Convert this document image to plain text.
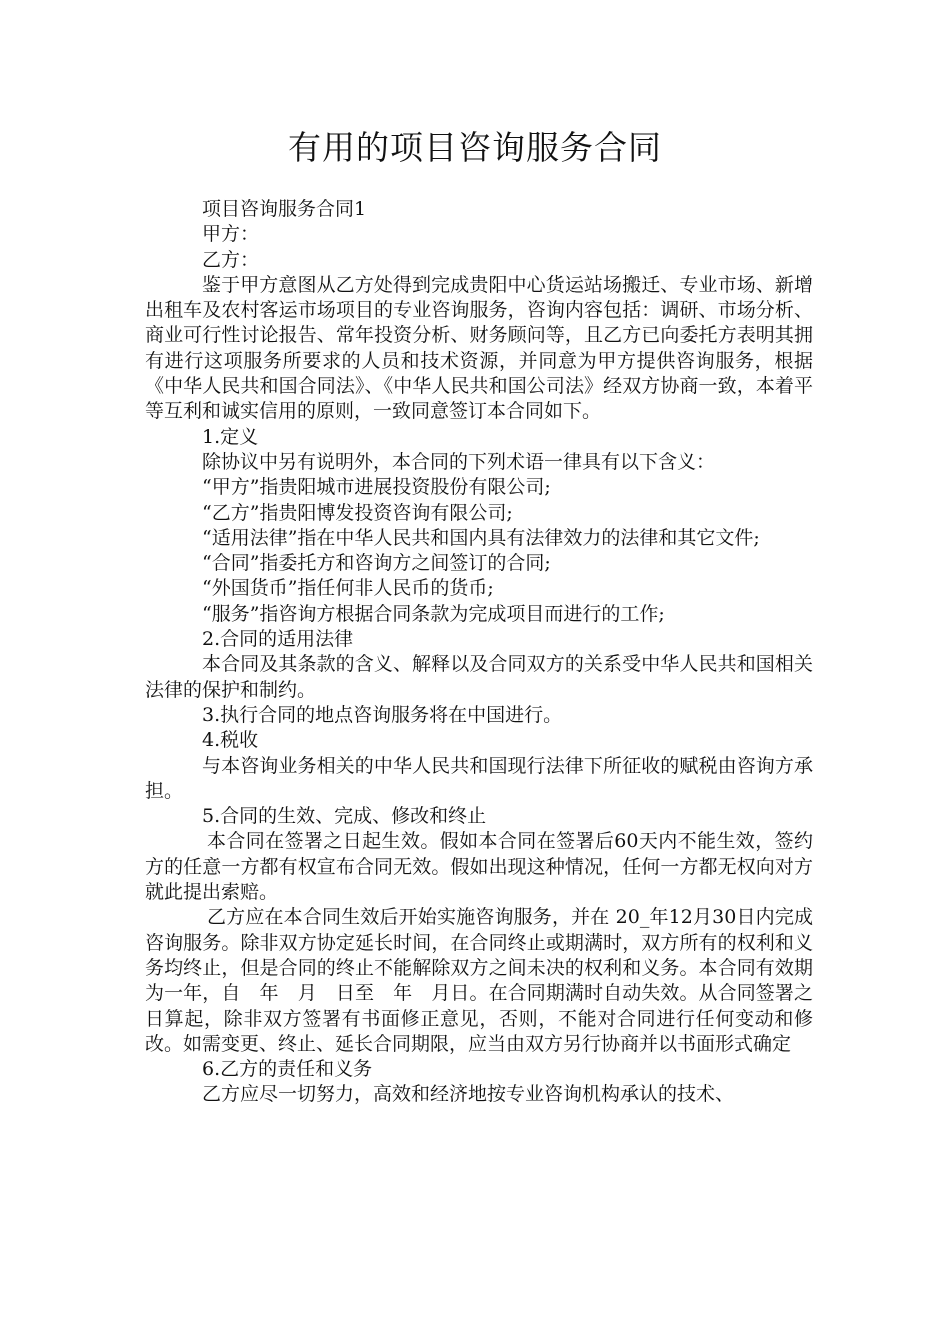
有用的项目咨询服务合同

项目咨询服务合同1

甲方：

乙方：

鉴于甲方意图从乙方处得到完成贵阳中心货运站场搬迁、专业市场、新增出租车及农村客运市场项目的专业咨询服务，咨询内容包括：调研、市场分析、商业可行性讨论报告、常年投资分析、财务顾问等，且乙方已向委托方表明其拥有进行这项服务所要求的人员和技术资源，并同意为甲方提供咨询服务，根据《中华人民共和国合同法》、《中华人民共和国公司法》经双方协商一致，本着平等互利和诚实信用的原则，一致同意签订本合同如下。

1.定义

除协议中另有说明外，本合同的下列术语一律具有以下含义：

“甲方”指贵阳城市进展投资股份有限公司;

“乙方”指贵阳博发投资咨询有限公司;

“适用法律”指在中华人民共和国内具有法律效力的法律和其它文件;

“合同”指委托方和咨询方之间签订的合同;

“外国货币”指任何非人民币的货币;

“服务”指咨询方根据合同条款为完成项目而进行的工作;

2.合同的适用法律

本合同及其条款的含义、解释以及合同双方的关系受中华人民共和国相关法律的保护和制约。

3.执行合同的地点咨询服务将在中国进行。

4.税收

与本咨询业务相关的中华人民共和国现行法律下所征收的赋税由咨询方承担。

5.合同的生效、完成、修改和终止

本合同在签署之日起生效。假如本合同在签署后60天内不能生效，签约方的任意一方都有权宣布合同无效。假如出现这种情况，任何一方都无权向对方就此提出索赔。

乙方应在本合同生效后开始实施咨询服务，并在 20_年12月30日内完成咨询服务。除非双方协定延长时间，在合同终止或期满时，双方所有的权利和义务均终止，但是合同的终止不能解除双方之间未决的权利和义务。本合同有效期为一年，自　年　月　日至　年　月日。在合同期满时自动失效。从合同签署之日算起，除非双方签署有书面修正意见，否则，不能对合同进行任何变动和修改。如需变更、终止、延长合同期限，应当由双方另行协商并以书面形式确定

6.乙方的责任和义务

乙方应尽一切努力，高效和经济地按专业咨询机构承认的技术、
